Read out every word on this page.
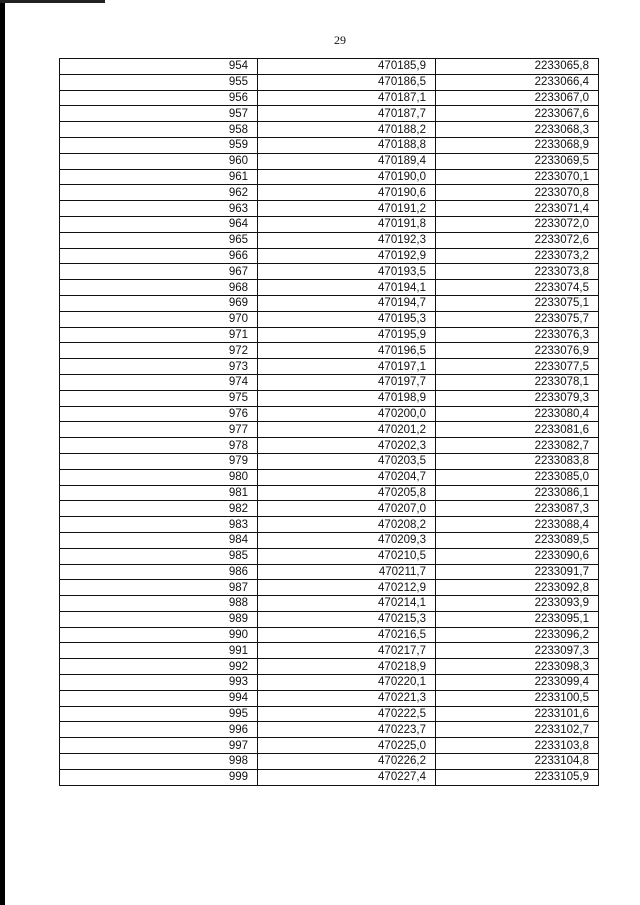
29
954	470185,9	2233065,8
955	470186,5	2233066,4
956	470187,1	2233067,0
957	470187,7	2233067,6
958	470188,2	2233068,3
959	470188,8	2233068,9
960	470189,4	2233069,5
961	470190,0	2233070,1
962	470190,6	2233070,8
963	470191,2	2233071,4
964	470191,8	2233072,0
965	470192,3	2233072,6
966	470192,9	2233073,2
967	470193,5	2233073,8
968	470194,1	2233074,5
969	470194,7	2233075,1
970	470195,3	2233075,7
971	470195,9	2233076,3
972	470196,5	2233076,9
973	470197,1	2233077,5
974	470197,7	2233078,1
975	470198,9	2233079,3
976	470200,0	2233080,4
977	470201,2	2233081,6
978	470202,3	2233082,7
979	470203,5	2233083,8
980	470204,7	2233085,0
981	470205,8	2233086,1
982	470207,0	2233087,3
983	470208,2	2233088,4
984	470209,3	2233089,5
985	470210,5	2233090,6
986	470211,7	2233091,7
987	470212,9	2233092,8
988	470214,1	2233093,9
989	470215,3	2233095,1
990	470216,5	2233096,2
991	470217,7	2233097,3
992	470218,9	2233098,3
993	470220,1	2233099,4
994	470221,3	2233100,5
995	470222,5	2233101,6
996	470223,7	2233102,7
997	470225,0	2233103,8
998	470226,2	2233104,8
999	470227,4	2233105,9
